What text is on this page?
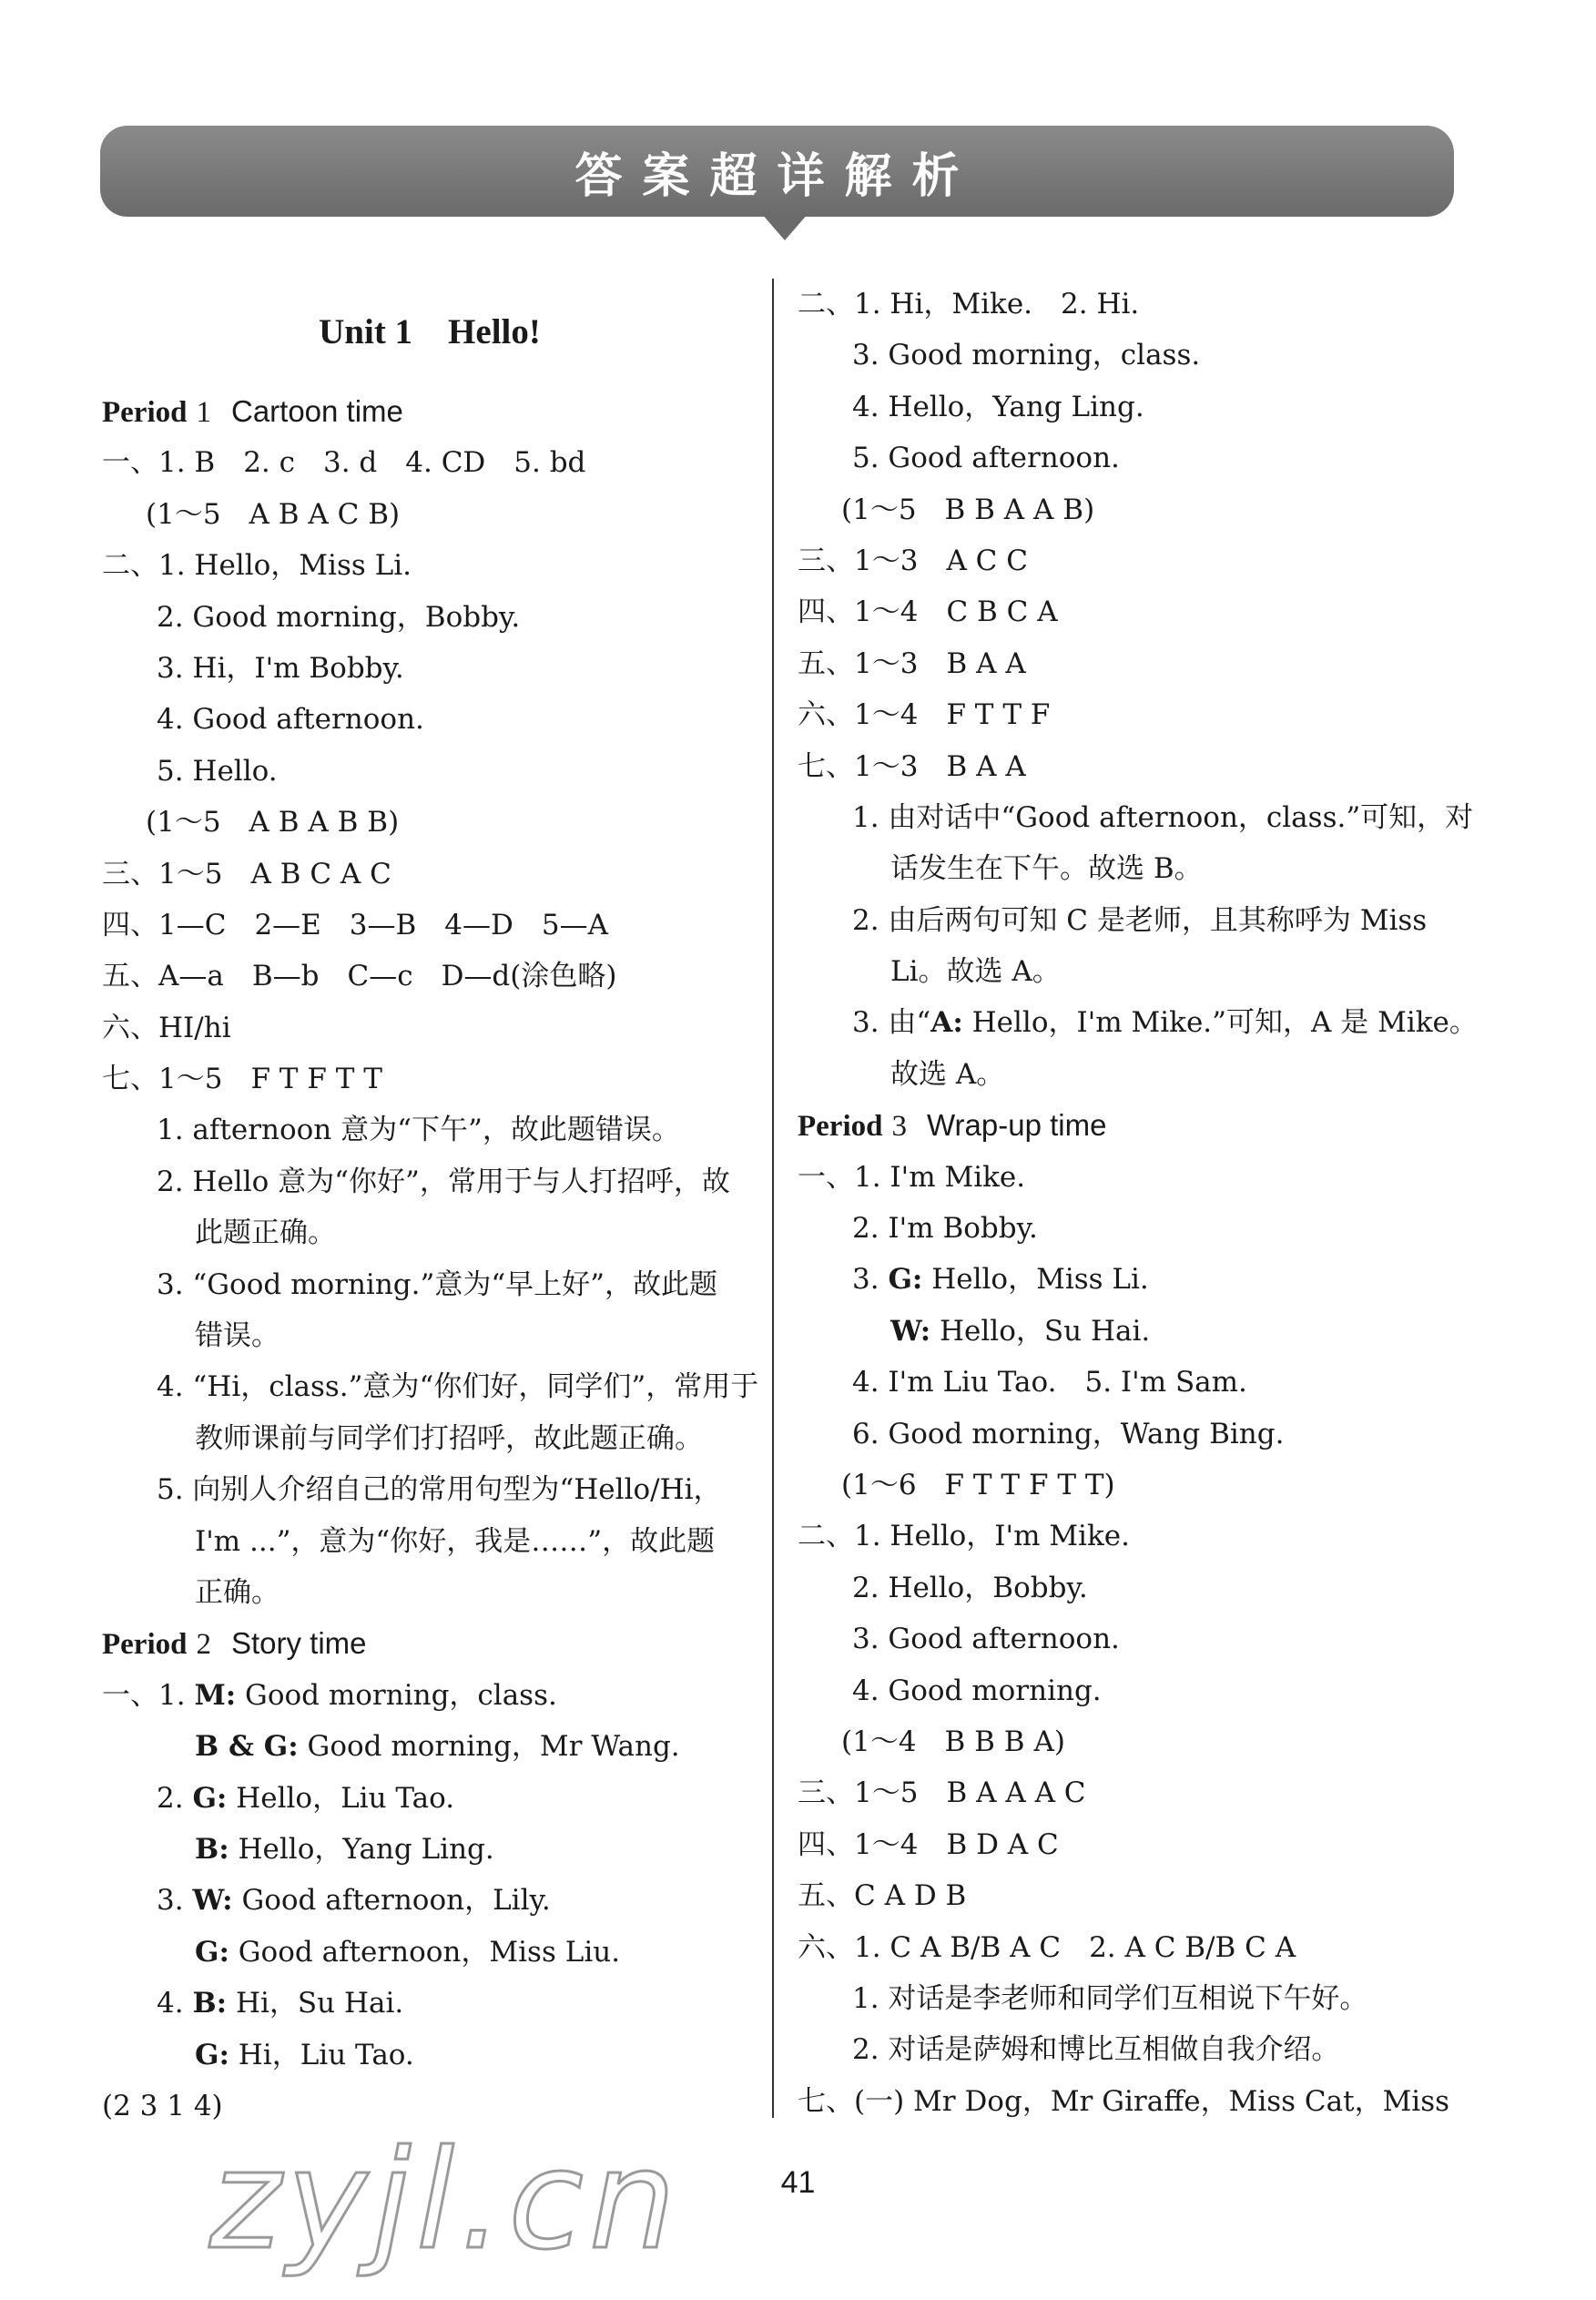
答案超详解析
Unit 1　Hello!
Period 1 Cartoon time
一、1. B　2. c　3. d　4. CD　5. bd
(1～5　A B A C B)
二、1. Hello，Miss Li.
2. Good morning，Bobby.
3. Hi，I'm Bobby.
4. Good afternoon.
5. Hello.
(1～5　A B A B B)
三、1～5　A B C A C
四、1—C　2—E　3—B　4—D　5—A
五、A—a　B—b　C—c　D—d(涂色略)
六、HI/hi
七、1～5　F T F T T
1. afternoon 意为“下午”，故此题错误。
2. Hello 意为“你好”，常用于与人打招呼，故
此题正确。
3. “Good morning.”意为“早上好”，故此题
错误。
4. “Hi，class.”意为“你们好，同学们”，常用于
教师课前与同学们打招呼，故此题正确。
5. 向别人介绍自己的常用句型为“Hello/Hi，
I'm ...”，意为“你好，我是……”，故此题
正确。
Period 2 Story time
一、1. M: Good morning，class.
B & G: Good morning，Mr Wang.
2. G: Hello，Liu Tao.
B: Hello，Yang Ling.
3. W: Good afternoon，Lily.
G: Good afternoon，Miss Liu.
4. B: Hi，Su Hai.
G: Hi，Liu Tao.
(2 3 1 4)
二、1. Hi，Mike.　2. Hi.
3. Good morning，class.
4. Hello，Yang Ling.
5. Good afternoon.
(1～5　B B A A B)
三、1～3　A C C
四、1～4　C B C A
五、1～3　B A A
六、1～4　F T T F
七、1～3　B A A
1. 由对话中“Good afternoon，class.”可知，对
话发生在下午。故选 B。
2. 由后两句可知 C 是老师，且其称呼为 Miss
Li。故选 A。
3. 由“A: Hello，I'm Mike.”可知，A 是 Mike。
故选 A。
Period 3 Wrap-up time
一、1. I'm Mike.
2. I'm Bobby.
3. G: Hello，Miss Li.
W: Hello，Su Hai.
4. I'm Liu Tao.　5. I'm Sam.
6. Good morning，Wang Bing.
(1～6　F T T F T T)
二、1. Hello，I'm Mike.
2. Hello，Bobby.
3. Good afternoon.
4. Good morning.
(1～4　B B B A)
三、1～5　B A A A C
四、1～4　B D A C
五、C A D B
六、1. C A B/B A C　2. A C B/B C A
1. 对话是李老师和同学们互相说下午好。
2. 对话是萨姆和博比互相做自我介绍。
七、(一) Mr Dog，Mr Giraffe，Miss Cat，Miss
zyjl.cn	41
